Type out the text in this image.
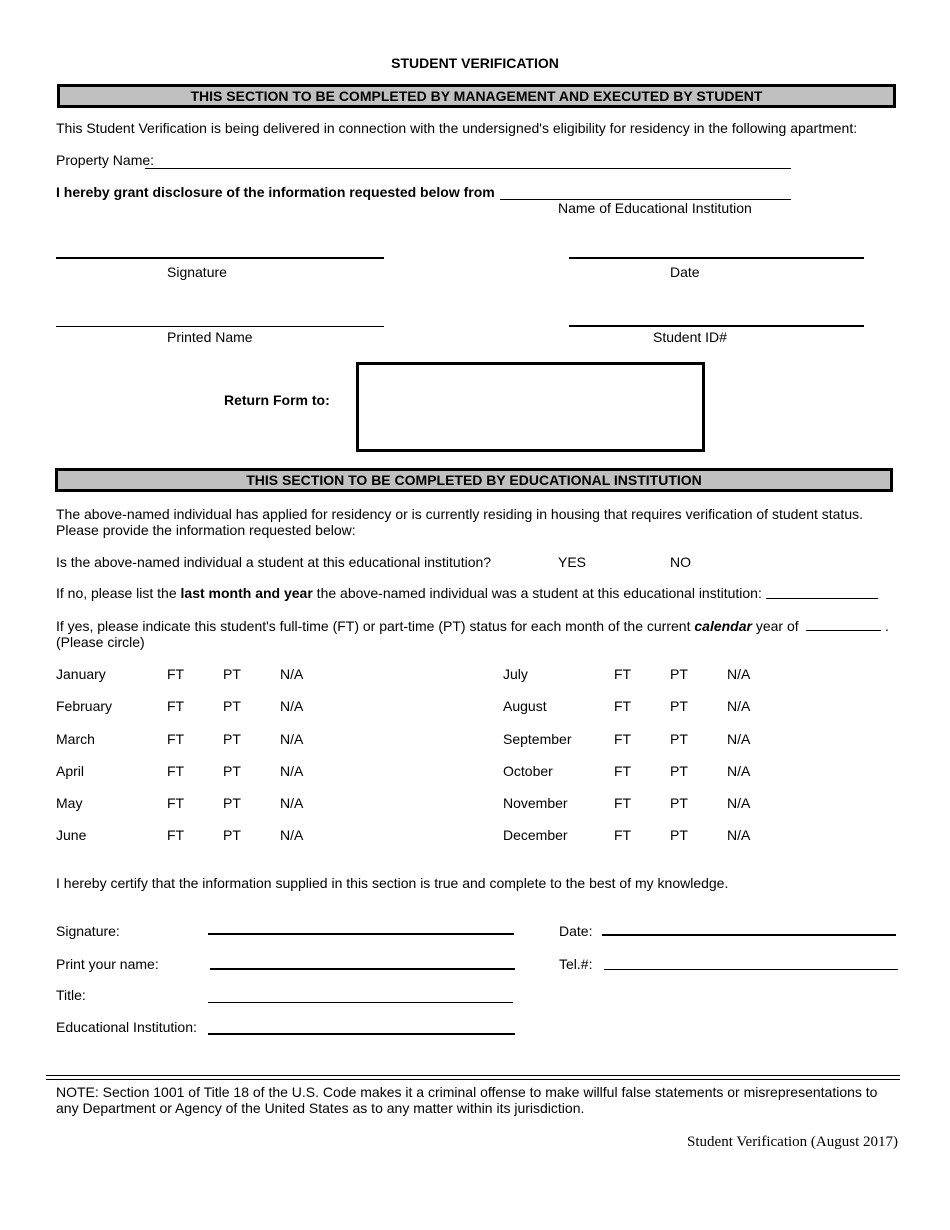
STUDENT VERIFICATION
THIS SECTION TO BE COMPLETED BY MANAGEMENT AND EXECUTED BY STUDENT
This Student Verification is being delivered in connection with the undersigned's eligibility for residency in the following apartment:
Property Name:
I hereby grant disclosure of the information requested below from
Name of Educational Institution
Signature	Date
Printed Name	Student ID#
Return Form to:
THIS SECTION TO BE COMPLETED BY EDUCATIONAL INSTITUTION
The above-named individual has applied for residency or is currently residing in housing that requires verification of student status.
Please provide the information requested below:
Is the above-named individual a student at this educational institution?	YES	NO
If no, please list the last month and year the above-named individual was a student at this educational institution:
If yes, please indicate this student's full-time (FT) or part-time (PT) status for each month of the current calendar year of	.
(Please circle)
January	FT	PT	N/A
February	FT	PT	N/A
March	FT	PT	N/A
April	FT	PT	N/A
May	FT	PT	N/A
June	FT	PT	N/A
July	FT	PT	N/A
August	FT	PT	N/A
September	FT	PT	N/A
October	FT	PT	N/A
November	FT	PT	N/A
December	FT	PT	N/A
I hereby certify that the information supplied in this section is true and complete to the best of my knowledge.
Signature:	Date:
Print your name:	Tel.#:
Title:
Educational Institution:
NOTE: Section 1001 of Title 18 of the U.S. Code makes it a criminal offense to make willful false statements or misrepresentations to
any Department or Agency of the United States as to any matter within its jurisdiction.
Student Verification (August 2017)
